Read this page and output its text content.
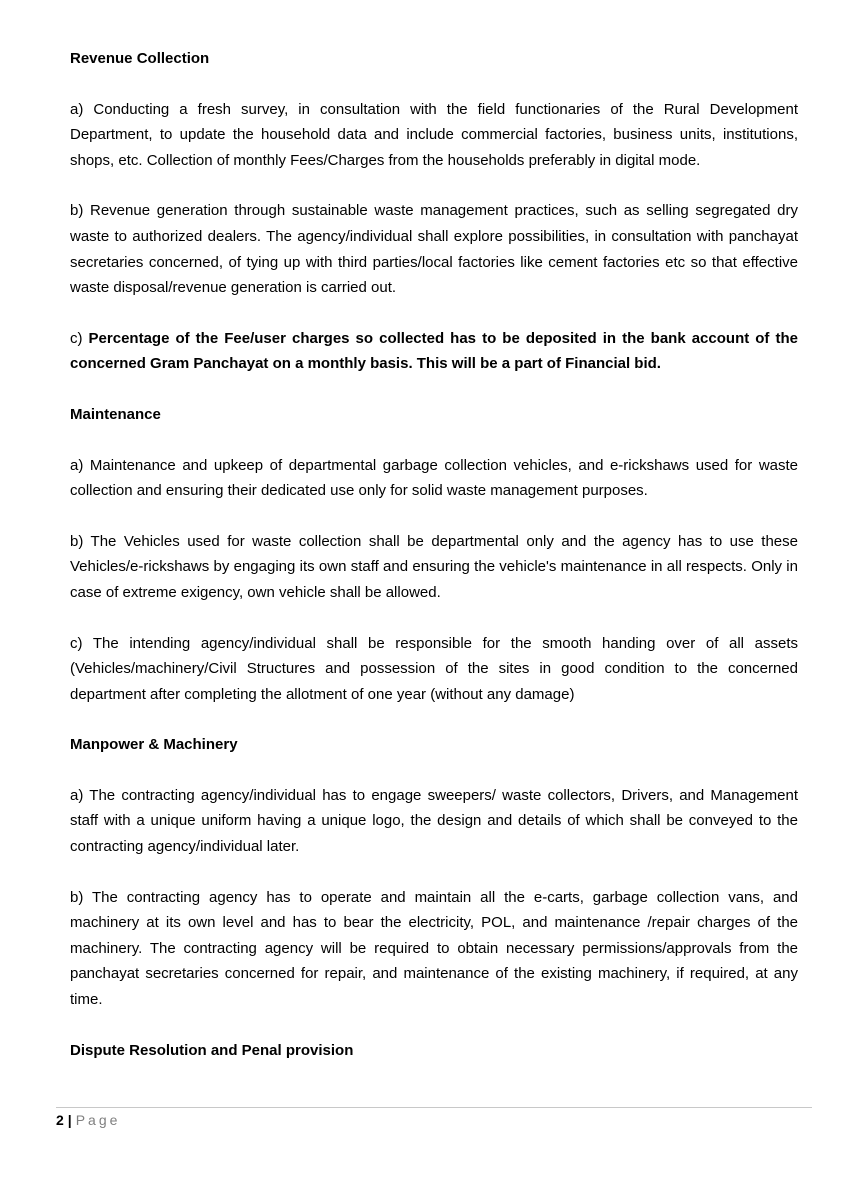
Revenue Collection

a) Conducting a fresh survey, in consultation with the field functionaries of the Rural Development Department, to update the household data and include commercial factories, business units, institutions, shops, etc. Collection of monthly Fees/Charges from the households preferably in digital mode.

b) Revenue generation through sustainable waste management practices, such as selling segregated dry waste to authorized dealers. The agency/individual shall explore possibilities, in consultation with panchayat secretaries concerned, of tying up with third parties/local factories like cement factories etc so that effective waste disposal/revenue generation is carried out.

c) Percentage of the Fee/user charges so collected has to be deposited in the bank account of the concerned Gram Panchayat on a monthly basis. This will be a part of Financial bid.

Maintenance

a) Maintenance and upkeep of departmental garbage collection vehicles, and e-rickshaws used for waste collection and ensuring their dedicated use only for solid waste management purposes.

b) The Vehicles used for waste collection shall be departmental only and the agency has to use these Vehicles/e-rickshaws by engaging its own staff and ensuring the vehicle's maintenance in all respects. Only in case of extreme exigency, own vehicle shall be allowed.

c) The intending agency/individual shall be responsible for the smooth handing over of all assets (Vehicles/machinery/Civil Structures and possession of the sites in good condition to the concerned department after completing the allotment of one year (without any damage)

Manpower & Machinery

a) The contracting agency/individual has to engage sweepers/ waste collectors, Drivers, and Management staff with a unique uniform having a unique logo, the design and details of which shall be conveyed to the contracting agency/individual later.

b) The contracting agency has to operate and maintain all the e-carts, garbage collection vans, and machinery at its own level and has to bear the electricity, POL, and maintenance /repair charges of the machinery. The contracting agency will be required to obtain necessary permissions/approvals from the panchayat secretaries concerned for repair, and maintenance of the existing machinery, if required, at any time.

Dispute Resolution and Penal provision
2 | Page
